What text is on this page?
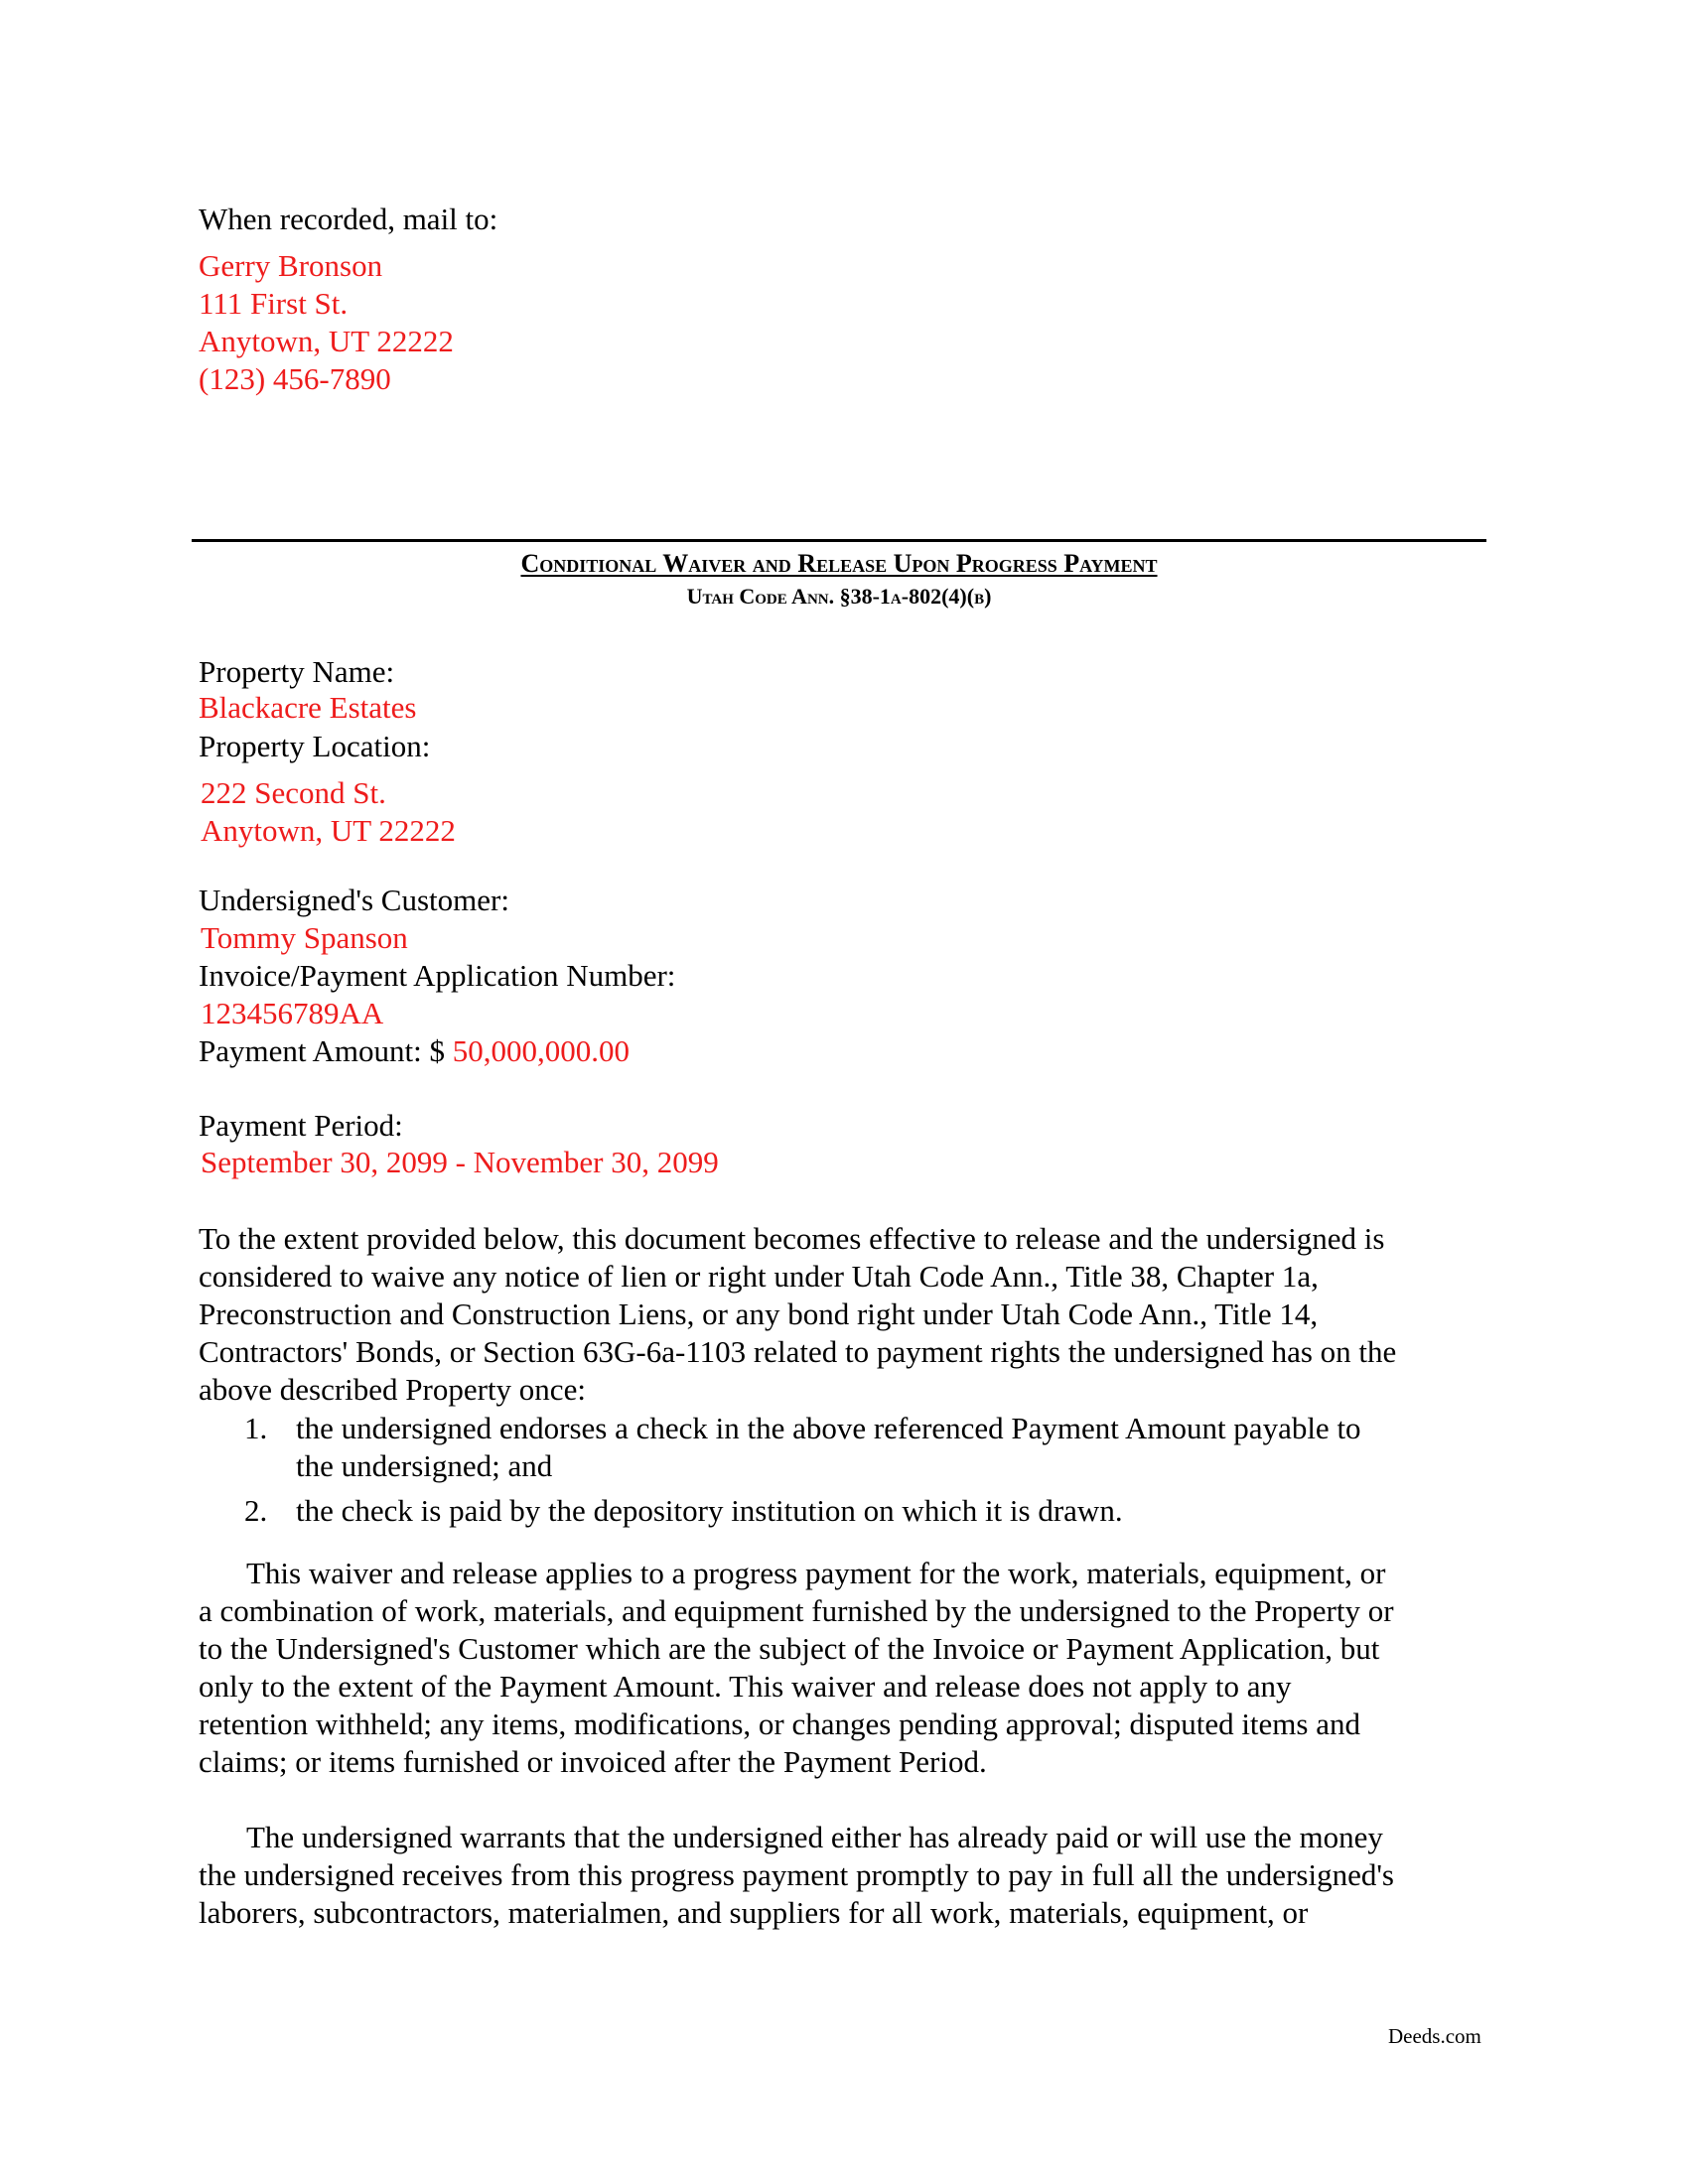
When recorded, mail to:
Gerry Bronson
111 First St.
Anytown, UT 22222
(123) 456-7890
Conditional Waiver and Release Upon Progress Payment
Utah Code Ann. §38-1a-802(4)(b)
Property Name:
Blackacre Estates
Property Location:
222 Second St.
Anytown, UT 22222
Undersigned's Customer:
Tommy Spanson
Invoice/Payment Application Number:
123456789AA
Payment Amount: $ 50,000,000.00
Payment Period:
September 30, 2099 - November 30, 2099
To the extent provided below, this document becomes effective to release and the undersigned is
considered to waive any notice of lien or right under Utah Code Ann., Title 38, Chapter 1a,
Preconstruction and Construction Liens, or any bond right under Utah Code Ann., Title 14,
Contractors' Bonds, or Section 63G-6a-1103 related to payment rights the undersigned has on the
above described Property once:
1. the undersigned endorses a check in the above referenced Payment Amount payable to
the undersigned; and
2. the check is paid by the depository institution on which it is drawn.
This waiver and release applies to a progress payment for the work, materials, equipment, or
a combination of work, materials, and equipment furnished by the undersigned to the Property or
to the Undersigned's Customer which are the subject of the Invoice or Payment Application, but
only to the extent of the Payment Amount. This waiver and release does not apply to any
retention withheld; any items, modifications, or changes pending approval; disputed items and
claims; or items furnished or invoiced after the Payment Period.
The undersigned warrants that the undersigned either has already paid or will use the money
the undersigned receives from this progress payment promptly to pay in full all the undersigned's
laborers, subcontractors, materialmen, and suppliers for all work, materials, equipment, or
Deeds.com
